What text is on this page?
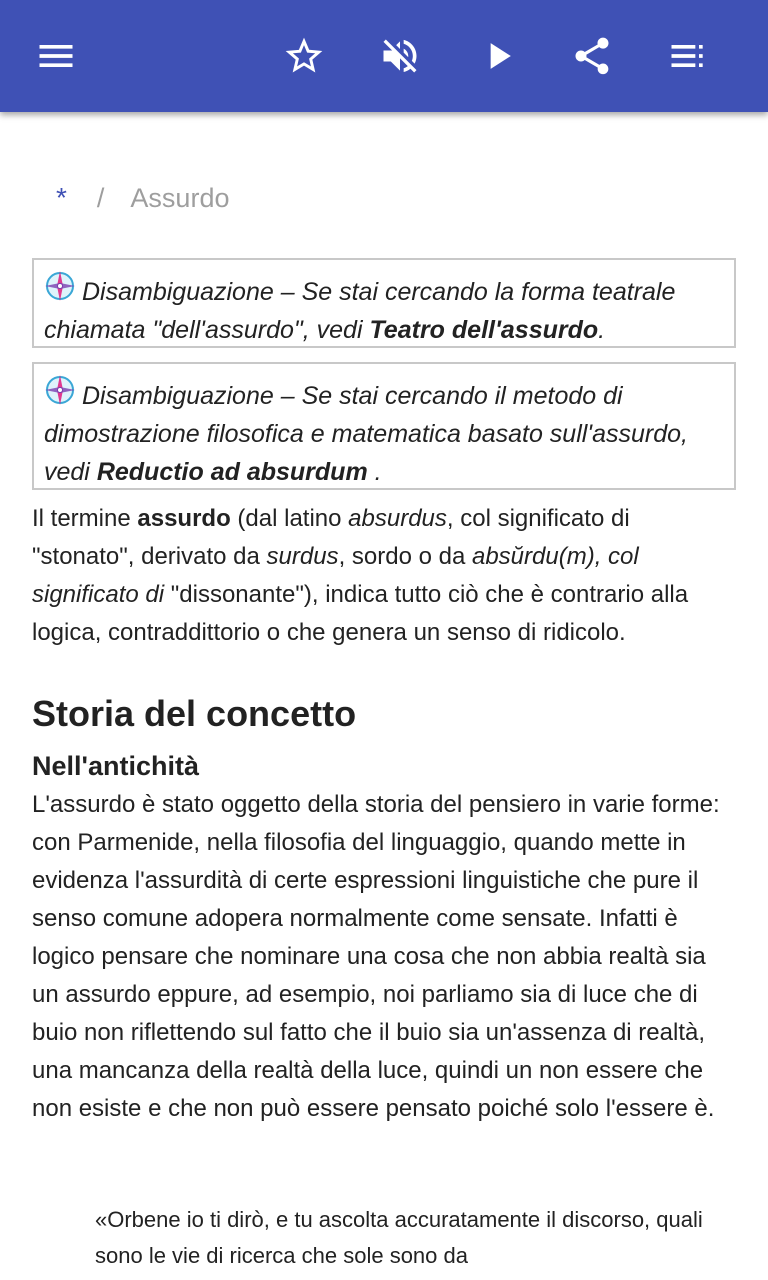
* / Assurdo
Disambiguazione – Se stai cercando la forma teatrale chiamata "dell'assurdo", vedi Teatro dell'assurdo.
Disambiguazione – Se stai cercando il metodo di dimostrazione filosofica e matematica basato sull'assurdo, vedi Reductio ad absurdum .
Il termine assurdo (dal latino absurdus, col significato di "stonato", derivato da surdus, sordo o da absŭrdu(m), col significato di "dissonante"), indica tutto ciò che è contrario alla logica, contraddittorio o che genera un senso di ridicolo.
Storia del concetto
Nell'antichità
L'assurdo è stato oggetto della storia del pensiero in varie forme: con Parmenide, nella filosofia del linguaggio, quando mette in evidenza l'assurdità di certe espressioni linguistiche che pure il senso comune adopera normalmente come sensate. Infatti è logico pensare che nominare una cosa che non abbia realtà sia un assurdo eppure, ad esempio, noi parliamo sia di luce che di buio non riflettendo sul fatto che il buio sia un'assenza di realtà, una mancanza della realtà della luce, quindi un non essere che non esiste e che non può essere pensato poiché solo l'essere è.
«Orbene io ti dirò, e tu ascolta accuratamente il discorso, quali sono le vie di ricerca che sole sono da
